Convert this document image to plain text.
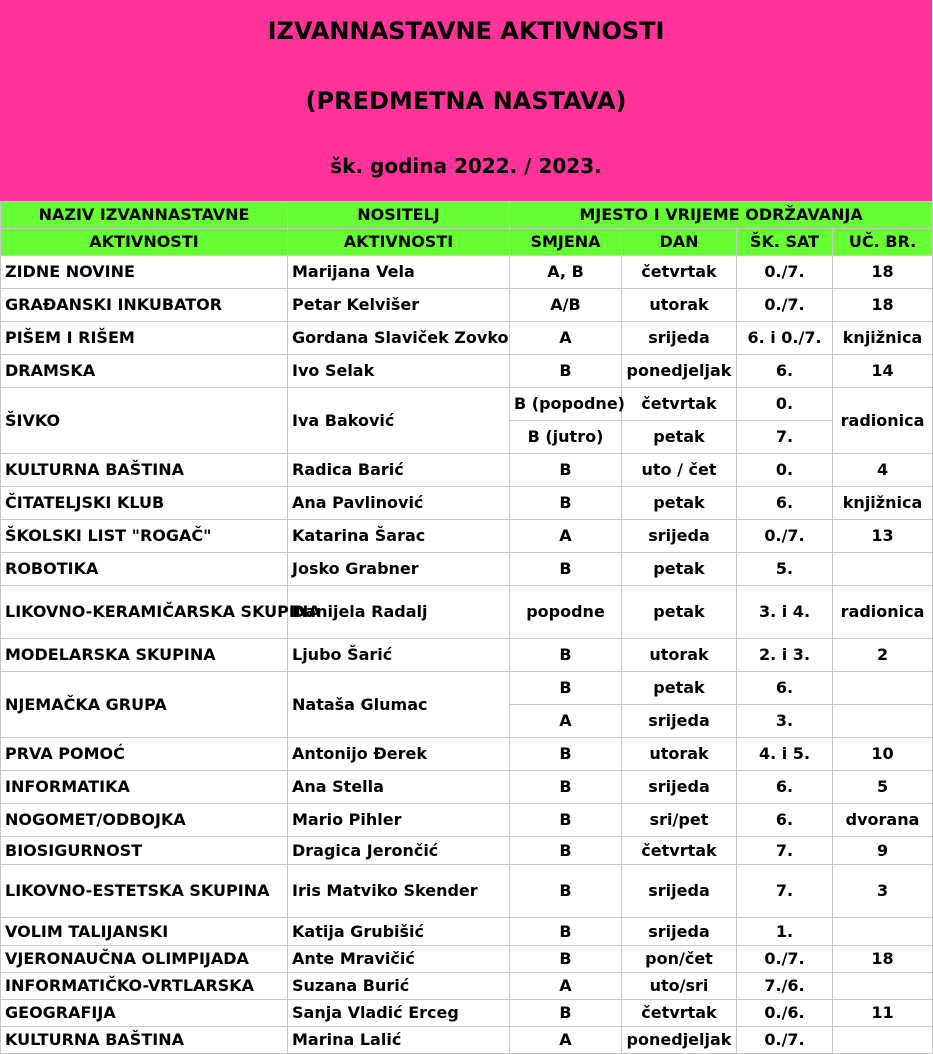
IZVANNASTAVNE AKTIVNOSTI
(PREDMETNA NASTAVA)
šk. godina 2022. / 2023.
NAZIV IZVANNASTAVNE	NOSITELJ	MJESTO I VRIJEME ODRŽAVANJA			
AKTIVNOSTI	AKTIVNOSTI	SMJENA	DAN	ŠK. SAT	UČ. BR.
ZIDNE NOVINE	Marijana Vela	A, B	četvrtak	0./7.	18
GRAĐANSKI INKUBATOR	Petar Kelvišer	A/B	utorak	0./7.	18
PIŠEM I RIŠEM	Gordana Slaviček Zovko	A	srijeda	6. i 0./7.	knjižnica
DRAMSKA	Ivo Selak	B	ponedjeljak	6.	14
ŠIVKO	Iva Baković	B (popodne)	četvrtak	0.	radionica
		B (jutro)	petak	7.	
KULTURNA BAŠTINA	Radica Barić	B	uto / čet	0.	4
ČITATELJSKI KLUB	Ana Pavlinović	B	petak	6.	knjižnica
ŠKOLSKI LIST "ROGAČ"	Katarina Šarac	A	srijeda	0./7.	13
ROBOTIKA	Josko Grabner	B	petak	5.	
LIKOVNO-KERAMIČARSKA SKUPINA	Danijela Radalj	popodne	petak	3. i 4.	radionica
MODELARSKA SKUPINA	Ljubo Šarić	B	utorak	2. i 3.	2
NJEMAČKA GRUPA	Nataša Glumac	B	petak	6.	
		A	srijeda	3.	
PRVA POMOĆ	Antonijo Đerek	B	utorak	4. i 5.	10
INFORMATIKA	Ana Stella	B	srijeda	6.	5
NOGOMET/ODBOJKA	Mario Pihler	B	sri/pet	6.	dvorana
BIOSIGURNOST	Dragica Jerončić	B	četvrtak	7.	9
LIKOVNO-ESTETSKA SKUPINA	Iris Matviko Skender	B	srijeda	7.	3
VOLIM TALIJANSKI	Katija Grubišić	B	srijeda	1.	
VJERONAUČNA OLIMPIJADA	Ante Mravičić	B	pon/čet	0./7.	18
INFORMATIČKO-VRTLARSKA	Suzana Burić	A	uto/sri	7./6.	
GEOGRAFIJA	Sanja Vladić Erceg	B	četvrtak	0./6.	11
KULTURNA BAŠTINA	Marina Lalić	A	ponedjeljak	0./7.	
